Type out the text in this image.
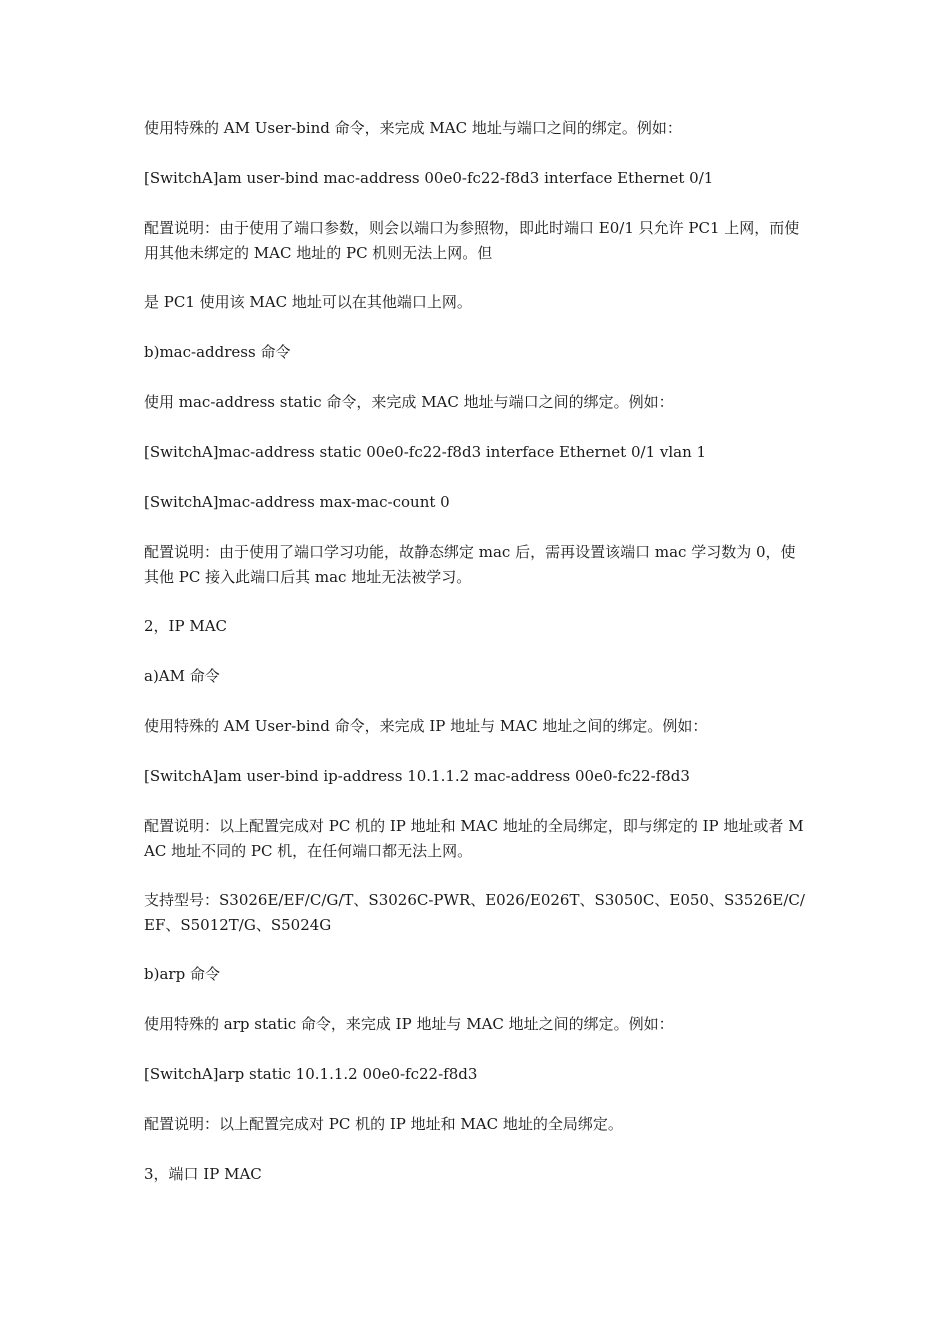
使用特殊的 AM User-bind 命令，来完成 MAC 地址与端口之间的绑定。例如：

[SwitchA]am user-bind mac-address 00e0-fc22-f8d3 interface Ethernet 0/1

配置说明：由于使用了端口参数，则会以端口为参照物，即此时端口 E0/1 只允许 PC1 上网，而使用其他未绑定的 MAC 地址的 PC 机则无法上网。但

是 PC1 使用该 MAC 地址可以在其他端口上网。

b)mac-address 命令

使用 mac-address static 命令，来完成 MAC 地址与端口之间的绑定。例如：

[SwitchA]mac-address static 00e0-fc22-f8d3 interface Ethernet 0/1 vlan 1

[SwitchA]mac-address max-mac-count 0

配置说明：由于使用了端口学习功能，故静态绑定 mac 后，需再设置该端口 mac 学习数为 0，使其他 PC 接入此端口后其 mac 地址无法被学习。

2，IP MAC

a)AM 命令

使用特殊的 AM User-bind 命令，来完成 IP 地址与 MAC 地址之间的绑定。例如：

[SwitchA]am user-bind ip-address 10.1.1.2 mac-address 00e0-fc22-f8d3

配置说明：以上配置完成对 PC 机的 IP 地址和 MAC 地址的全局绑定，即与绑定的 IP 地址或者 MAC 地址不同的 PC 机，在任何端口都无法上网。

支持型号：S3026E/EF/C/G/T、S3026C-PWR、E026/E026T、S3050C、E050、S3526E/C/EF、S5012T/G、S5024G

b)arp 命令

使用特殊的 arp static 命令，来完成 IP 地址与 MAC 地址之间的绑定。例如：

[SwitchA]arp static 10.1.1.2 00e0-fc22-f8d3

配置说明：以上配置完成对 PC 机的 IP 地址和 MAC 地址的全局绑定。

3，端口 IP MAC
